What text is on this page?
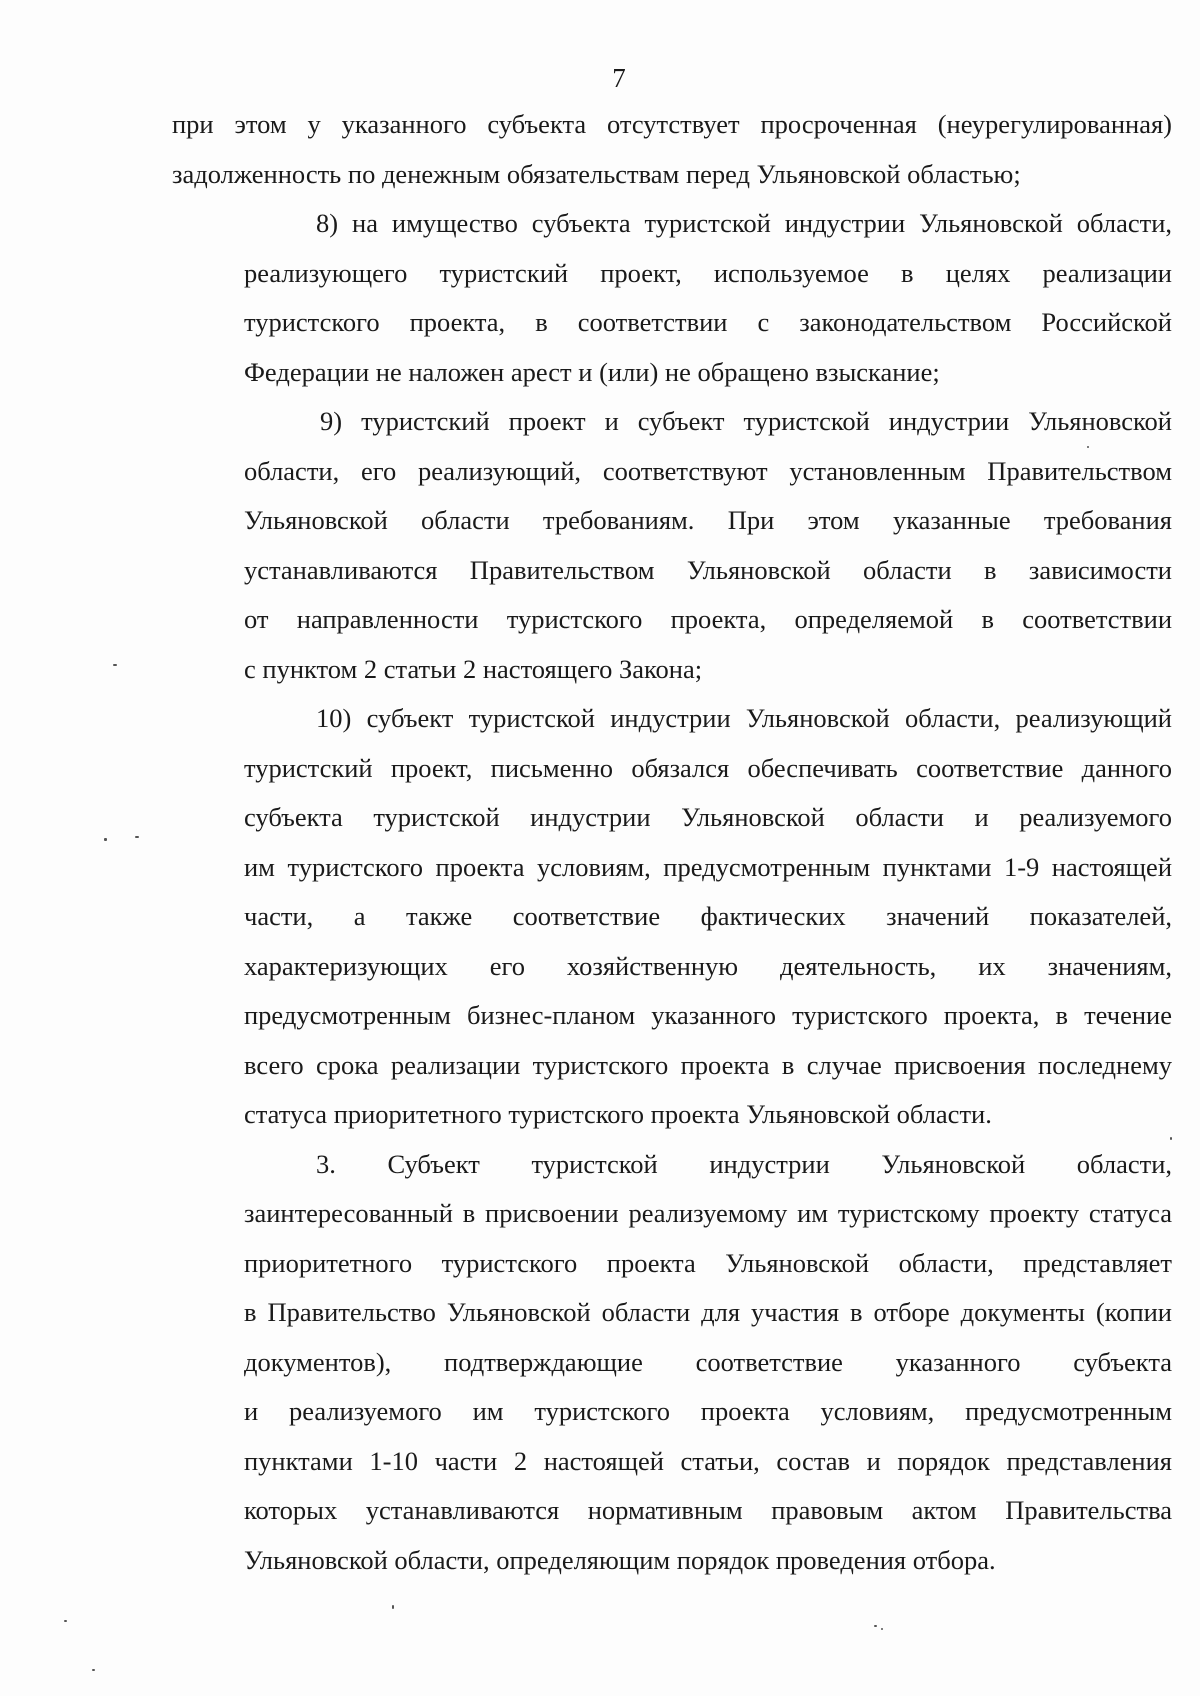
7

при этом у указанного субъекта отсутствует просроченная (неурегулированная)
задолженность по денежным обязательствам перед Ульяновской областью;

8) на имущество субъекта туристской индустрии Ульяновской области,
реализующего туристский проект, используемое в целях реализации
туристского проекта, в соответствии с законодательством Российской
Федерации не наложен арест и (или) не обращено взыскание;

9) туристский проект и субъект туристской индустрии Ульяновской
области, его реализующий, соответствуют установленным Правительством
Ульяновской области требованиям. При этом указанные требования
устанавливаются Правительством Ульяновской области в зависимости
от направленности туристского проекта, определяемой в соответствии
с пунктом 2 статьи 2 настоящего Закона;

10) субъект туристской индустрии Ульяновской области, реализующий
туристский проект, письменно обязался обеспечивать соответствие данного
субъекта туристской индустрии Ульяновской области и реализуемого
им туристского проекта условиям, предусмотренным пунктами 1-9 настоящей
части, а также соответствие фактических значений показателей,
характеризующих его хозяйственную деятельность, их значениям,
предусмотренным бизнес-планом указанного туристского проекта, в течение
всего срока реализации туристского проекта в случае присвоения последнему
статуса приоритетного туристского проекта Ульяновской области.

3. Субъект туристской индустрии Ульяновской области,
заинтересованный в присвоении реализуемому им туристскому проекту статуса
приоритетного туристского проекта Ульяновской области, представляет
в Правительство Ульяновской области для участия в отборе документы (копии
документов), подтверждающие соответствие указанного субъекта
и реализуемого им туристского проекта условиям, предусмотренным
пунктами 1-10 части 2 настоящей статьи, состав и порядок представления
которых устанавливаются нормативным правовым актом Правительства
Ульяновской области, определяющим порядок проведения отбора.
